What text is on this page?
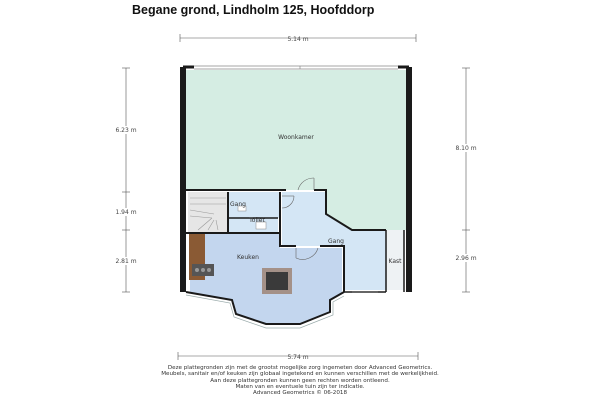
Begane grond, Lindholm 125, Hoofddorp
5.14 m
5.74 m
6.23 m
1.94 m
2.81 m
8.10 m
2.96 m
Woonkamer
Gang
Toilet
Gang
Keuken
Kast
Deze plattegronden zijn met de grootst mogelijke zorg ingemeten door Advanced Geometrics.
Meubels, sanitair en/of keuken zijn globaal ingetekend en kunnen verschillen met de werkelijkheid.
Aan deze plattegronden kunnen geen rechten worden ontleend.
Maten van en eventuele tuin zijn ter indicatie.
Advanced Geometrics © 06-2018
